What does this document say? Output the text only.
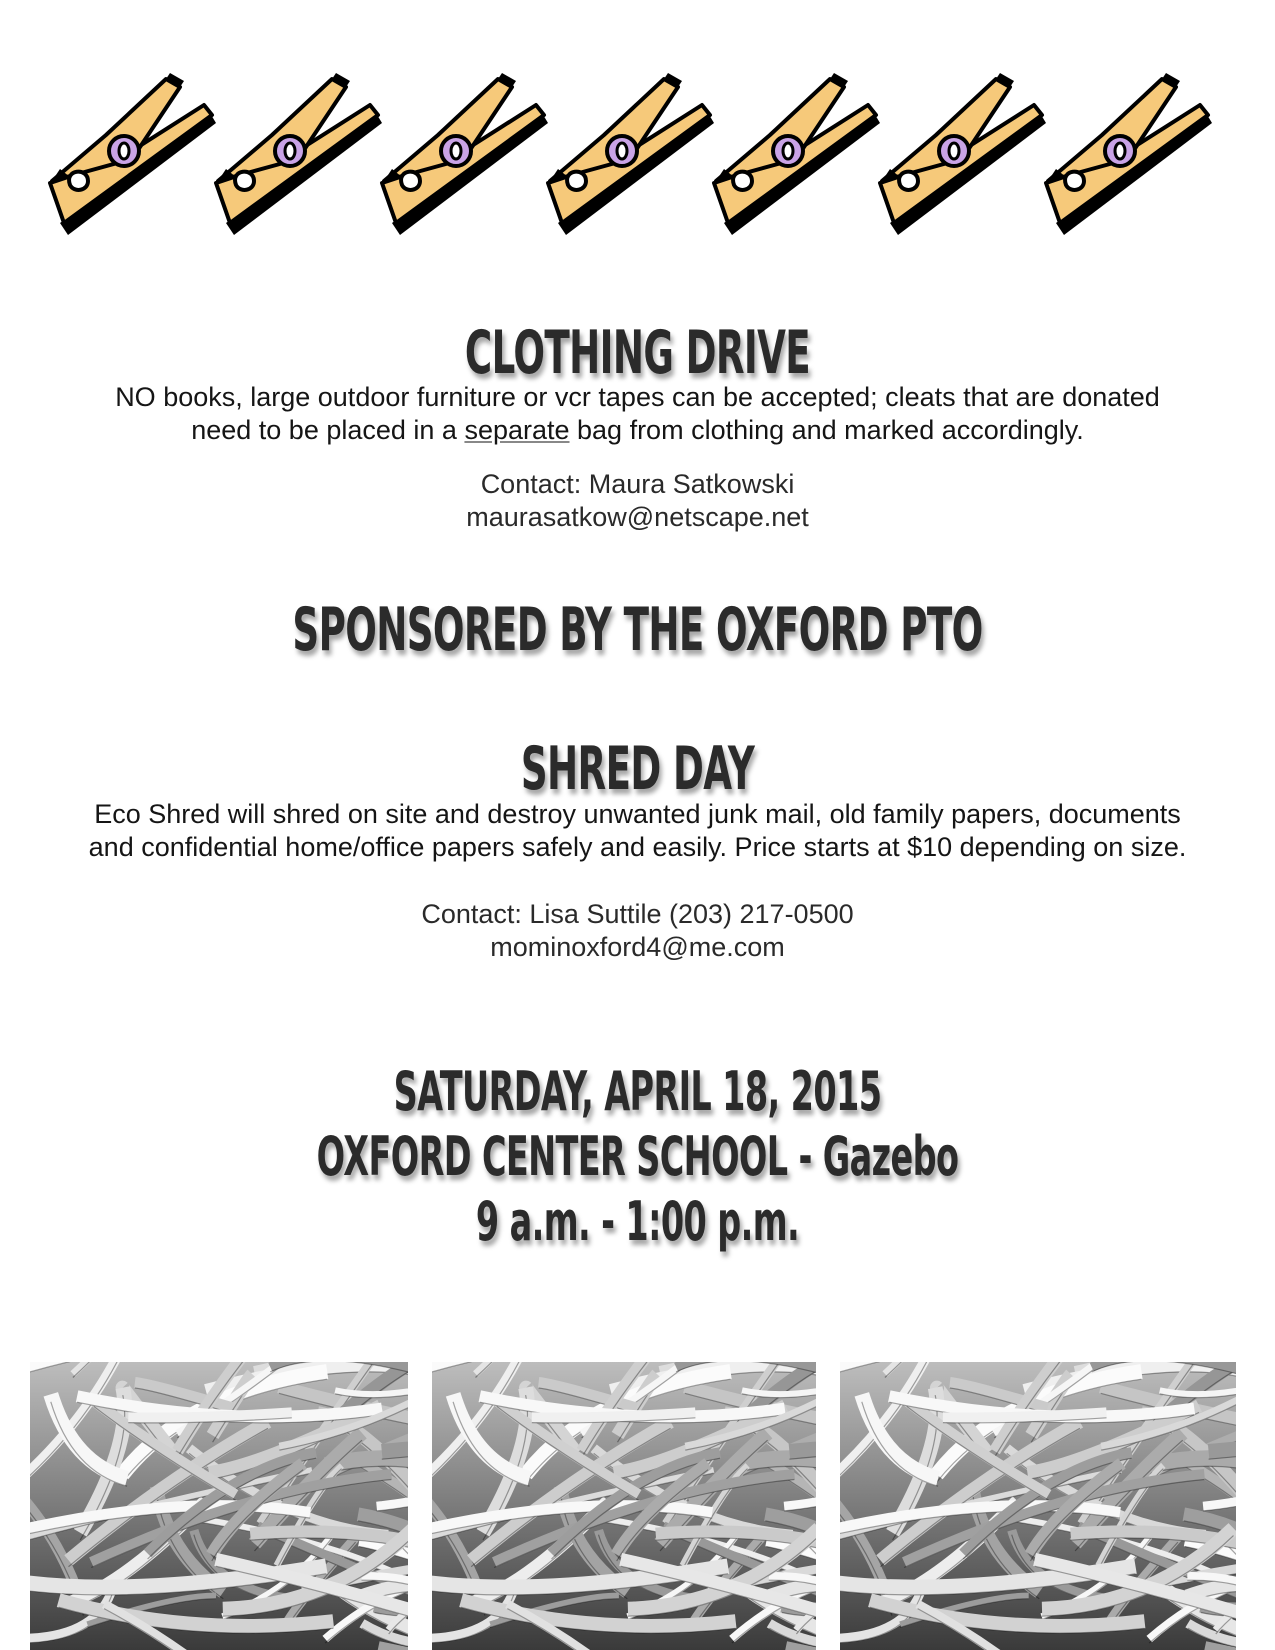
CLOTHING DRIVE
NO books, large outdoor furniture or vcr tapes can be accepted; cleats that are donated
need to be placed in a separate bag from clothing and marked accordingly.
Contact: Maura Satkowski
maurasatkow@netscape.net
SPONSORED BY THE OXFORD PTO
SHRED DAY
Eco Shred will shred on site and destroy unwanted junk mail, old family papers, documents
and confidential home/office papers safely and easily. Price starts at $10 depending on size.
Contact: Lisa Suttile (203) 217-0500
mominoxford4@me.com
SATURDAY, APRIL 18, 2015
OXFORD CENTER SCHOOL - Gazebo
9 a.m. - 1:00 p.m.
